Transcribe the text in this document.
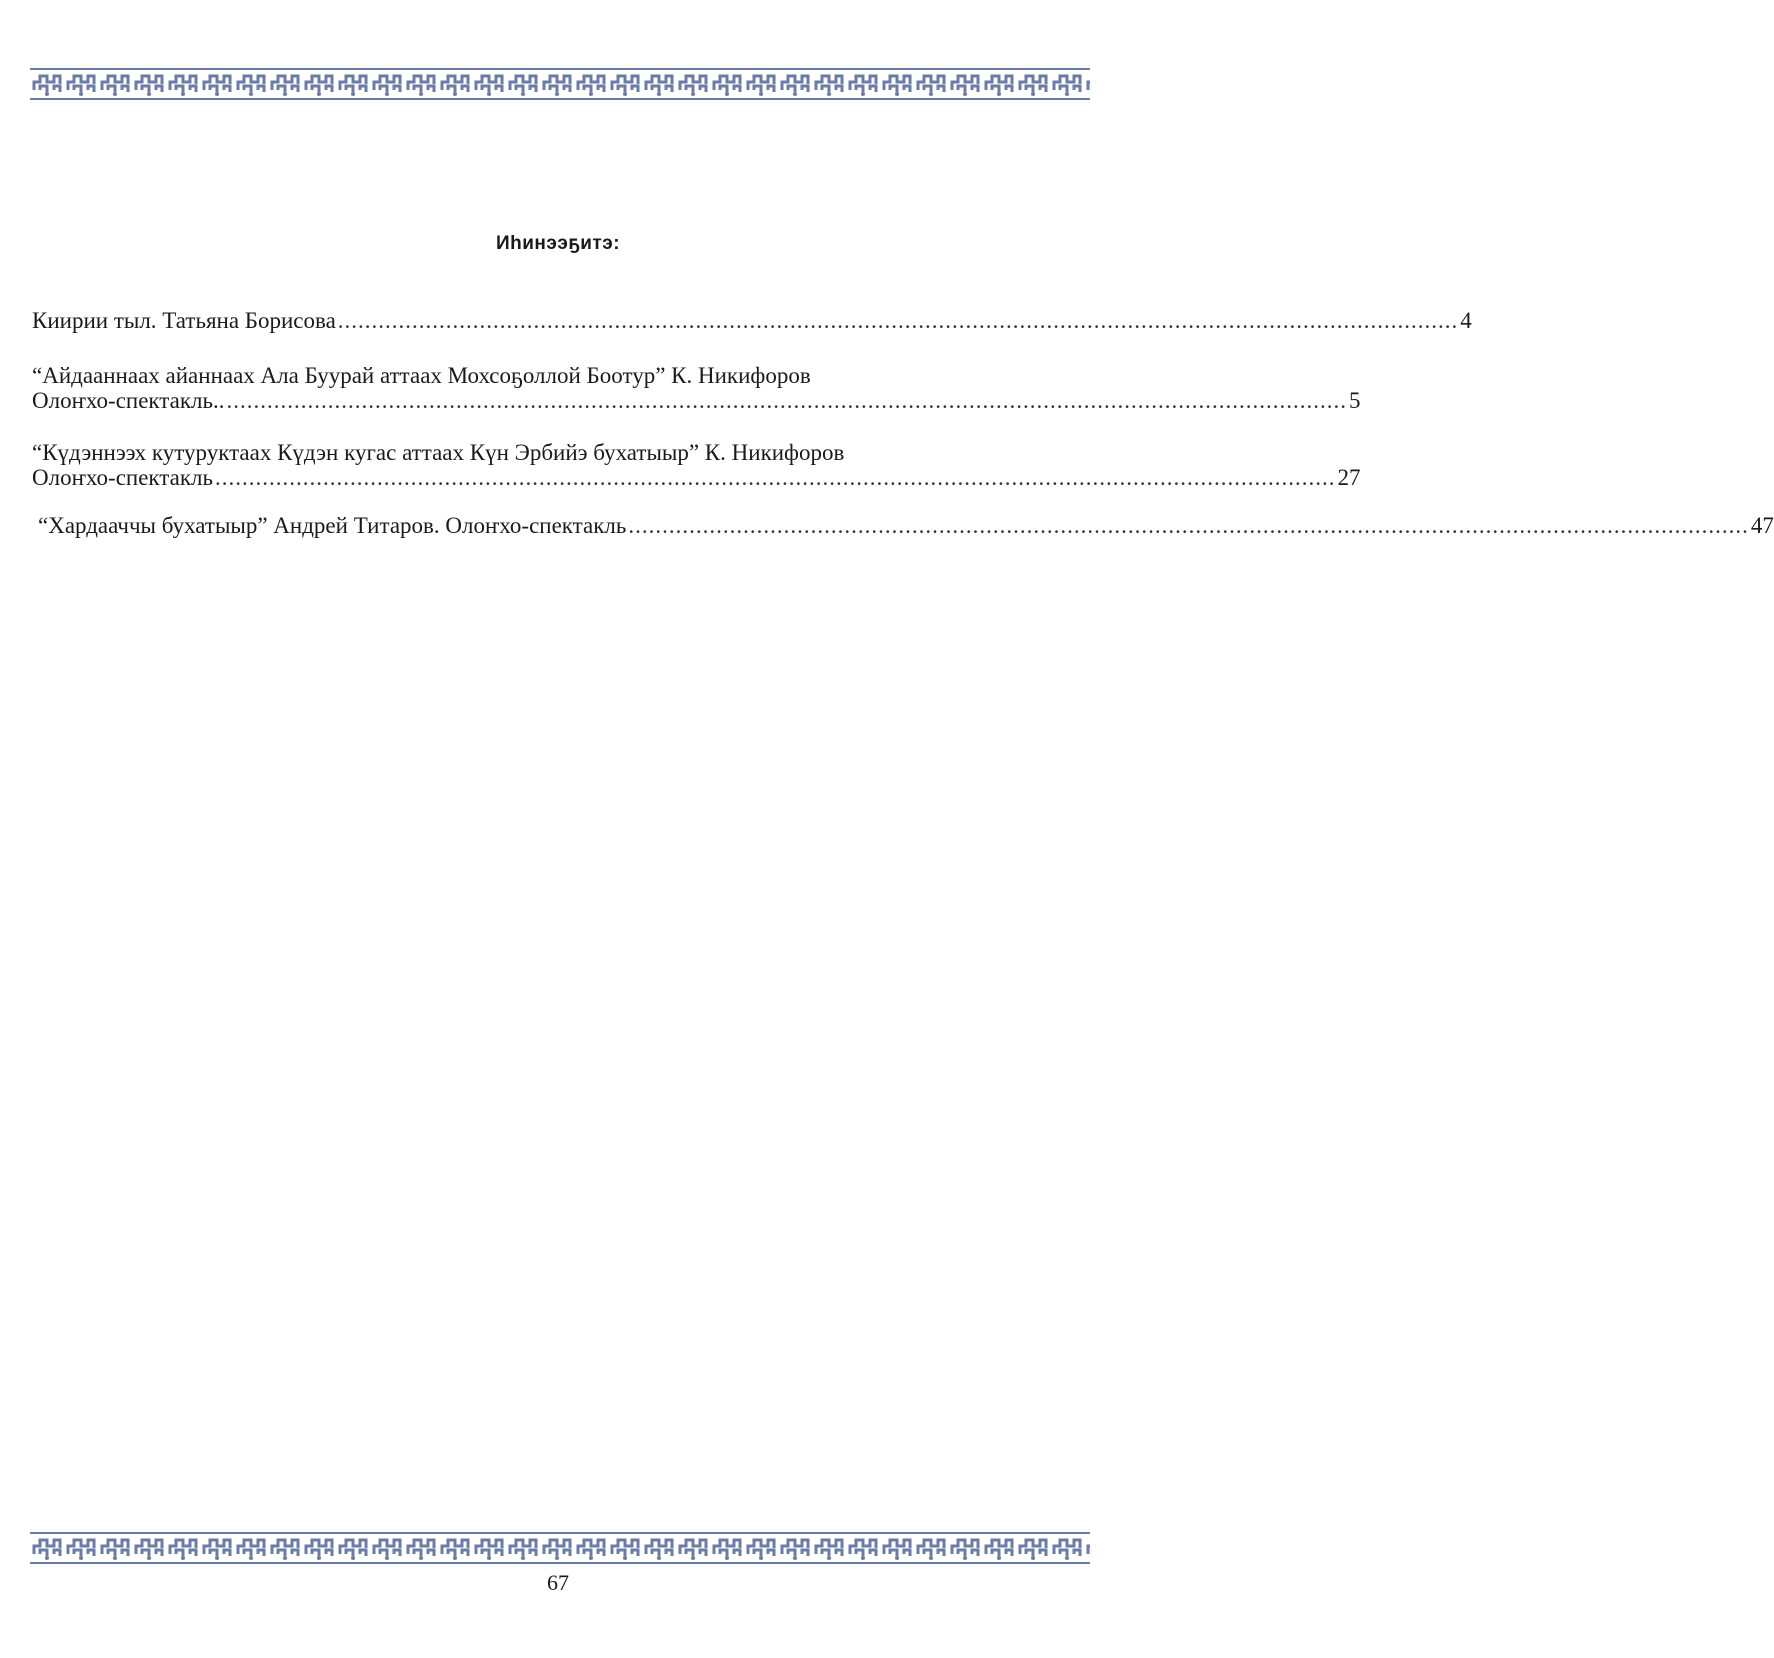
Иhинээҕитэ:
Киирии тыл. Татьяна Борисова ...................................................................................................................................................................... 4
“Айдааннаах айаннаах Ала Буурай аттаах Мохсоҕоллой Боотур” К. Никифоров
Олоҥхо-спектакль.. ...................................................................................................................................................................... 5
“Күдэннээх кутуруктаах Күдэн кугас аттаах Күн Эрбийэ бухатыыр” К. Никифоров
Олоҥхо-спектакль ...................................................................................................................................................................... 27
“Хардааччы бухатыыр” Андрей Титаров. Олоҥхо-спектакль ...................................................................................................................................................................... 47
67
